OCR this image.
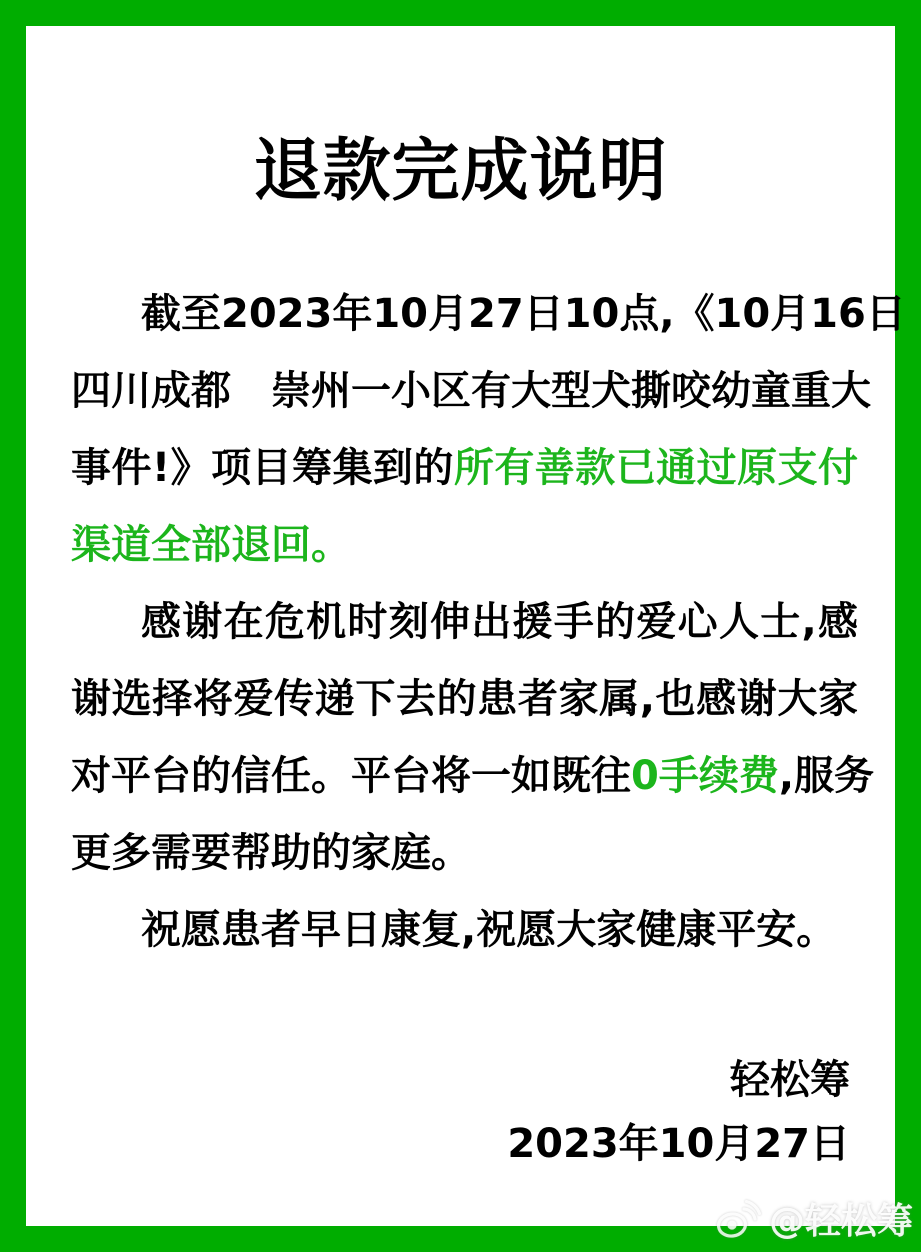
退款完成说明
截至2023年10月27日10点,《10月16日
四川成都　崇州一小区有大型犬撕咬幼童重大
事件!》项目筹集到的所有善款已通过原支付
渠道全部退回。
感谢在危机时刻伸出援手的爱心人士,感
谢选择将爱传递下去的患者家属,也感谢大家
对平台的信任。平台将一如既往0手续费,服务
更多需要帮助的家庭。
祝愿患者早日康复,祝愿大家健康平安。
轻松筹
2023年10月27日
@轻松筹
